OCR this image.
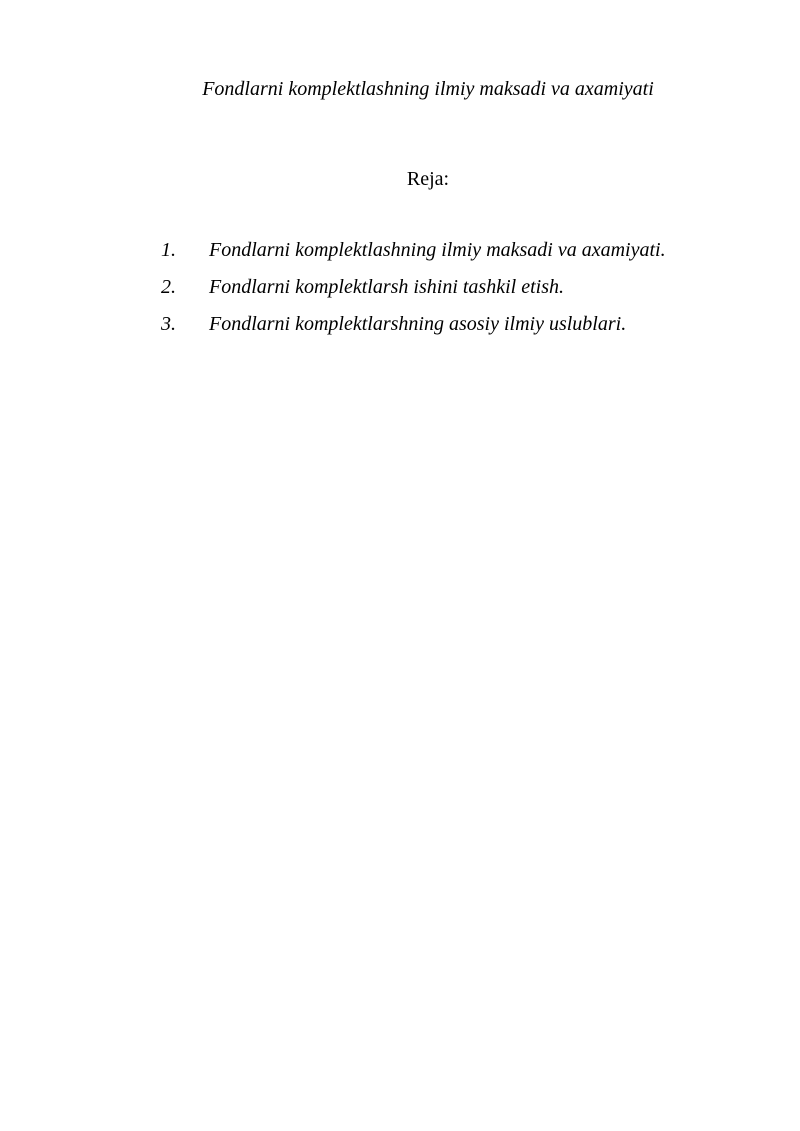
Fondlarni komplektlashning ilmiy maksadi va axamiyati
Reja:
1. Fondlarni komplektlashning ilmiy maksadi va axamiyati.
2. Fondlarni komplektlarsh ishini tashkil etish.
3. Fondlarni komplektlarshning asosiy ilmiy uslublari.
